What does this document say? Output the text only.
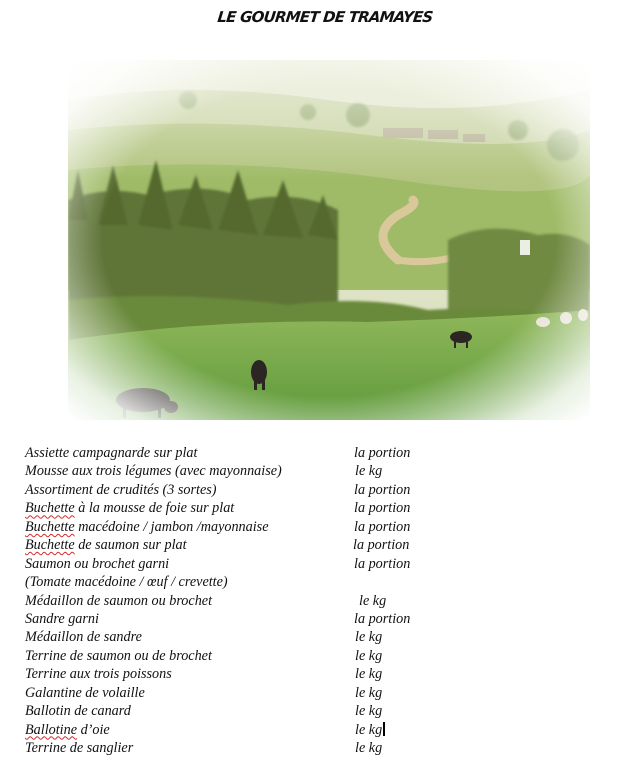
LE GOURMET DE TRAMAYES
Assiette campagnarde sur plat	la portion
Mousse aux trois légumes (avec mayonnaise)	le kg
Assortiment de crudités (3 sortes)	la portion
Buchette à la mousse de foie sur plat	la portion
Buchette macédoine / jambon /mayonnaise	la portion
Buchette de saumon sur plat	la portion
Saumon ou brochet garni	la portion
(Tomate macédoine / œuf / crevette)
Médaillon de saumon ou brochet	le kg
Sandre garni	la portion
Médaillon de sandre	le kg
Terrine de saumon ou de brochet	le kg
Terrine aux trois poissons	le kg
Galantine de volaille	le kg
Ballotin de canard	le kg
Ballotine d’oie	le kg
Terrine de sanglier	le kg
